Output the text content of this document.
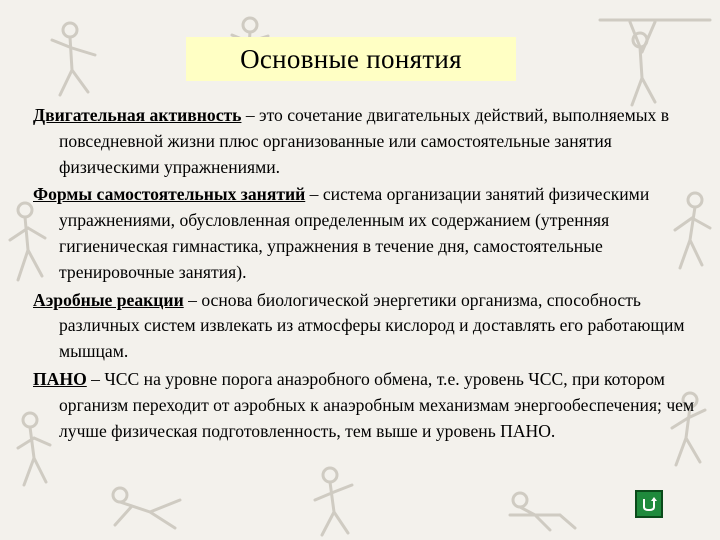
Основные понятия

Двигательная активность – это сочетание двигательных действий, выполняемых в повседневной жизни плюс организованные или самостоятельные занятия физическими упражнениями.

Формы самостоятельных занятий – система организации занятий физическими упражнениями, обусловленная определенным их содержанием (утренняя гигиеническая гимнастика, упражнения в течение дня, самостоятельные тренировочные занятия).

Аэробные реакции – основа биологической энергетики организма, способность различных систем извлекать из атмосферы кислород и доставлять его работающим мышцам.

ПАНО – ЧСС на уровне порога анаэробного обмена, т.е. уровень ЧСС, при котором организм переходит от аэробных к анаэробным механизмам энергообеспечения; чем лучше физическая подготовленность, тем выше и уровень ПАНО.
